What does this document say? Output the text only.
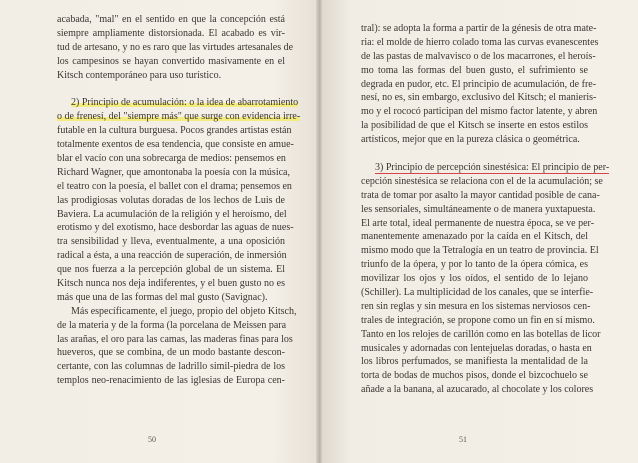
acabada, "mal" en el sentido en que la concepción está
siempre ampliamente distorsionada. El acabado es vir-
tud de artesano, y no es raro que las virtudes artesanales de
los campesinos se hayan convertido masivamente en el
Kitsch contemporáneo para uso turístico.
2) Principio de acumulación: o la idea de abarrotamiento
o de frenesí, del "siempre más" que surge con evidencia irre-
futable en la cultura burguesa. Pocos grandes artistas están
totalmente exentos de esa tendencia, que consiste en amue-
blar el vacío con una sobrecarga de medios: pensemos en
Richard Wagner, que amontonaba la poesía con la música,
el teatro con la poesía, el ballet con el drama; pensemos en
las prodigiosas volutas doradas de los lechos de Luis de
Baviera. La acumulación de la religión y el heroísmo, del
erotismo y del exotismo, hace desbordar las aguas de nues-
tra sensibilidad y lleva, eventualmente, a una oposición
radical a ésta, a una reacción de superación, de inmersión
que nos fuerza a la percepción global de un sistema. El
Kitsch nunca nos deja indiferentes, y el buen gusto no es
más que una de las formas del mal gusto (Savignac).
Más específicamente, el juego, propio del objeto Kitsch,
de la materia y de la forma (la porcelana de Meissen para
las arañas, el oro para las camas, las maderas finas para los
hueveros, que se combina, de un modo bastante descon-
certante, con las columnas de ladrillo simil-piedra de los
templos neo-renacimiento de las iglesias de Europa cen-
50
tral): se adopta la forma a partir de la génesis de otra mate-
ria: el molde de hierro colado toma las curvas evanescentes
de las pastas de malvavisco o de los macarrones, el heroís-
mo toma las formas del buen gusto, el sufrimiento se
degrada en pudor, etc. El principio de acumulación, de fre-
nesí, no es, sin embargo, exclusivo del Kitsch; el manieris-
mo y el rococó participan del mismo factor latente, y abren
la posibilidad de que el Kitsch se inserte en estos estilos
artísticos, mejor que en la pureza clásica o geométrica.
3) Principio de percepción sinestésica: El principio de per-
cepción sinestésica se relaciona con el de la acumulación; se
trata de tomar por asalto la mayor cantidad posible de cana-
les sensoriales, simultáneamente o de manera yuxtapuesta.
El arte total, ideal permanente de nuestra época, se ve per-
manentemente amenazado por la caída en el Kitsch, del
mismo modo que la Tetralogía en un teatro de provincia. El
triunfo de la ópera, y por lo tanto de la ópera cómica, es
movilizar los ojos y los oídos, el sentido de lo lejano
(Schiller). La multiplicidad de los canales, que se interfie-
ren sin reglas y sin mesura en los sistemas nerviosos cen-
trales de integración, se propone como un fin en sí mismo.
Tanto en los relojes de carillón como en las botellas de licor
musicales y adornadas con lentejuelas doradas, o hasta en
los libros perfumados, se manifiesta la mentalidad de la
torta de bodas de muchos pisos, donde el bizcochuelo se
añade a la banana, al azucarado, al chocolate y los colores
51
